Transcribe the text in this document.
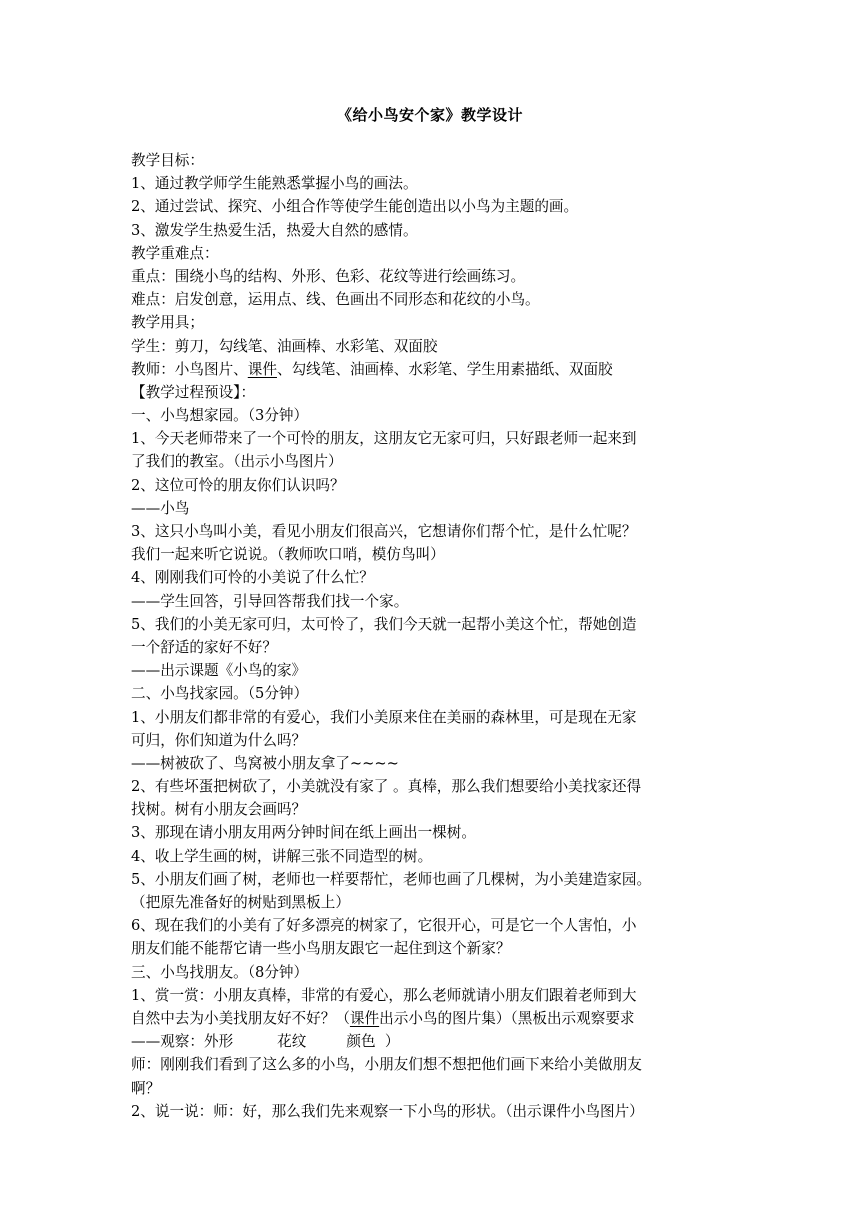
《给小鸟安个家》教学设计
教学目标：
1、通过教学师学生能熟悉掌握小鸟的画法。
2、通过尝试、探究、小组合作等使学生能创造出以小鸟为主题的画。
3、激发学生热爱生活，热爱大自然的感情。
教学重难点：
重点：围绕小鸟的结构、外形、色彩、花纹等进行绘画练习。
难点：启发创意，运用点、线、色画出不同形态和花纹的小鸟。
教学用具；
学生：剪刀，勾线笔、油画棒、水彩笔、双面胶
教师：小鸟图片、课件、勾线笔、油画棒、水彩笔、学生用素描纸、双面胶
【教学过程预设】：
一、小鸟想家园。（3分钟）
1、今天老师带来了一个可怜的朋友，这朋友它无家可归，只好跟老师一起来到
了我们的教室。（出示小鸟图片）
2、这位可怜的朋友你们认识吗？
——小鸟
3、这只小鸟叫小美，看见小朋友们很高兴，它想请你们帮个忙，是什么忙呢？
我们一起来听它说说。（教师吹口哨，模仿鸟叫）
4、刚刚我们可怜的小美说了什么忙？
——学生回答，引导回答帮我们找一个家。
5、我们的小美无家可归，太可怜了，我们今天就一起帮小美这个忙，帮她创造
一个舒适的家好不好？
——出示课题《小鸟的家》
二、小鸟找家园。（5分钟）
1、小朋友们都非常的有爱心，我们小美原来住在美丽的森林里，可是现在无家
可归，你们知道为什么吗？
——树被砍了、鸟窝被小朋友拿了~~~~
2、有些坏蛋把树砍了，小美就没有家了 。真棒，那么我们想要给小美找家还得
找树。树有小朋友会画吗？
3、那现在请小朋友用两分钟时间在纸上画出一棵树。
4、收上学生画的树，讲解三张不同造型的树。
5、小朋友们画了树，老师也一样要帮忙，老师也画了几棵树，为小美建造家园。
（把原先准备好的树贴到黑板上）
6、现在我们的小美有了好多漂亮的树家了，它很开心，可是它一个人害怕，小
朋友们能不能帮它请一些小鸟朋友跟它一起住到这个新家？
三、小鸟找朋友。（8分钟）
1、赏一赏：小朋友真棒，非常的有爱心，那么老师就请小朋友们跟着老师到大
自然中去为小美找朋友好不好？（课件出示小鸟的图片集）（黑板出示观察要求
——观察：外形	花纹	颜色  ）
师：刚刚我们看到了这么多的小鸟，小朋友们想不想把他们画下来给小美做朋友
啊？
2、说一说：师：好，那么我们先来观察一下小鸟的形状。（出示课件小鸟图片）
